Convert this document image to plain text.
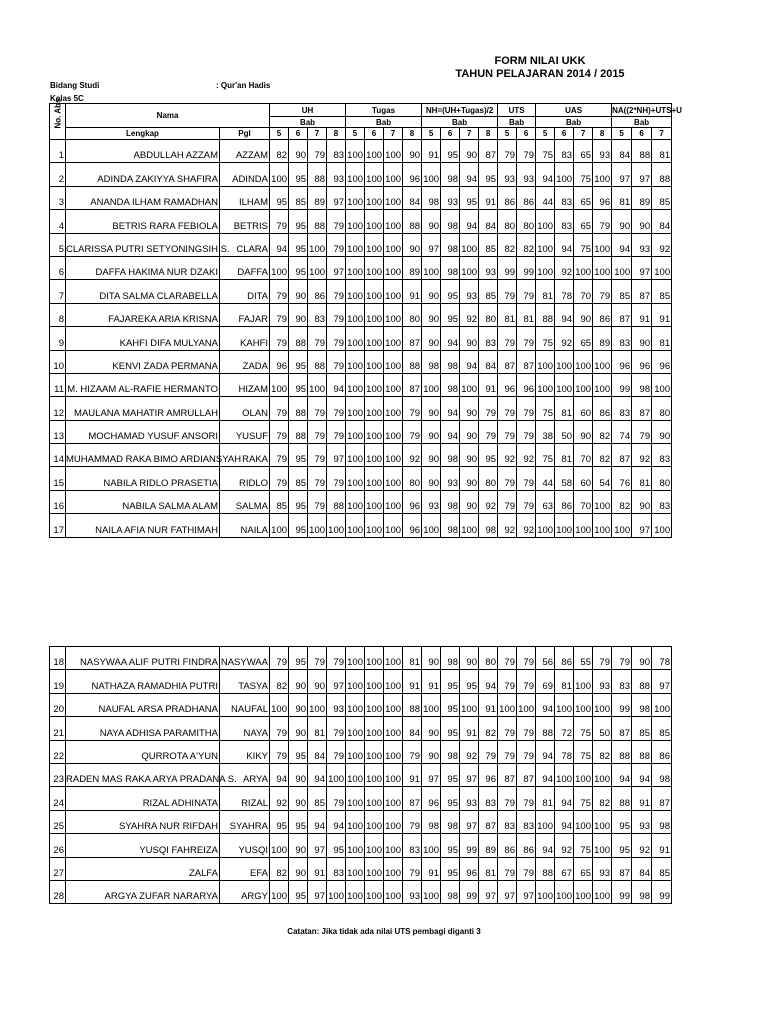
FORM NILAI UKK
TAHUN PELAJARAN 2014 / 2015
Bidang Studi	: Qur'an Hadis
Kelas 5C
No. Abs	Nama		UH				Tugas				NH=(UH+Tugas)/2				UTS		UAS				NA((2*NH)+UTS+U		
			Bab				Bab				Bab				Bab		Bab				Bab		
	Lengkap	Pgl	5	6	7	8	5	6	7	8	5	6	7	8	5	6	5	6	7	8	5	6	7
1	ABDULLAH AZZAM	AZZAM	82	90	79	83	100	100	100	90	91	95	90	87	79	79	75	83	65	93	84	88	81
2	ADINDA ZAKIYYA SHAFIRA	ADINDA	100	95	88	93	100	100	100	96	100	98	94	95	93	93	94	100	75	100	97	97	88
3	ANANDA ILHAM RAMADHAN	ILHAM	95	85	89	97	100	100	100	84	98	93	95	91	86	86	44	83	65	96	81	89	85
4	BETRIS RARA FEBIOLA	BETRIS	79	95	88	79	100	100	100	88	90	98	94	84	80	80	100	83	65	79	90	90	84
5	CLARISSA PUTRI SETYONINGSIH S.	CLARA	94	95	100	79	100	100	100	90	97	98	100	85	82	82	100	94	75	100	94	93	92
6	DAFFA HAKIMA NUR DZAKI	DAFFA	100	95	100	97	100	100	100	89	100	98	100	93	99	99	100	92	100	100	100	97	100
7	DITA SALMA CLARABELLA	DITA	79	90	86	79	100	100	100	91	90	95	93	85	79	79	81	78	70	79	85	87	85
8	FAJAREKA ARIA KRISNA	FAJAR	79	90	83	79	100	100	100	80	90	95	92	80	81	81	88	94	90	86	87	91	91
9	KAHFI DIFA MULYANA	KAHFI	79	88	79	79	100	100	100	87	90	94	90	83	79	79	75	92	65	89	83	90	81
10	KENVI ZADA PERMANA	ZADA	96	95	88	79	100	100	100	88	98	98	94	84	87	87	100	100	100	100	96	96	96
11	M. HIZAAM AL-RAFIE HERMANTO	HIZAM	100	95	100	94	100	100	100	87	100	98	100	91	96	96	100	100	100	100	99	98	100
12	MAULANA MAHATIR AMRULLAH	OLAN	79	88	79	79	100	100	100	79	90	94	90	79	79	79	75	81	60	86	83	87	80
13	MOCHAMAD YUSUF ANSORI	YUSUF	79	88	79	79	100	100	100	79	90	94	90	79	79	79	38	50	90	82	74	79	90
14	MUHAMMAD RAKA BIMO ARDIANSYAH	RAKA	79	95	79	97	100	100	100	92	90	98	90	95	92	92	75	81	70	82	87	92	83
15	NABILA RIDLO PRASETIA	RIDLO	79	85	79	79	100	100	100	80	90	93	90	80	79	79	44	58	60	54	76	81	80
16	NABILA SALMA ALAM	SALMA	85	95	79	88	100	100	100	96	93	98	90	92	79	79	63	86	70	100	82	90	83
17	NAILA AFIA NUR FATHIMAH	NAILA	100	95	100	100	100	100	100	96	100	98	100	98	92	92	100	100	100	100	100	97	100
18	NASYWAA ALIF PUTRI FINDRA	NASYWAA	79	95	79	79	100	100	100	81	90	98	90	80	79	79	56	86	55	79	79	90	78
19	NATHAZA RAMADHIA PUTRI	TASYA	82	90	90	97	100	100	100	91	91	95	95	94	79	79	69	81	100	93	83	88	97
20	NAUFAL ARSA PRADHANA	NAUFAL	100	90	100	93	100	100	100	88	100	95	100	91	100	100	94	100	100	100	99	98	100
21	NAYA ADHISA PARAMITHA	NAYA	79	90	81	79	100	100	100	84	90	95	91	82	79	79	88	72	75	50	87	85	85
22	QURROTA A'YUN	KIKY	79	95	84	79	100	100	100	79	90	98	92	79	79	79	94	78	75	82	88	88	86
23	RADEN MAS RAKA ARYA PRADANA S.	ARYA	94	90	94	100	100	100	100	91	97	95	97	96	87	87	94	100	100	100	94	94	98
24	RIZAL ADHINATA	RIZAL	92	90	85	79	100	100	100	87	96	95	93	83	79	79	81	94	75	82	88	91	87
25	SYAHRA NUR RIFDAH	SYAHRA	95	95	94	94	100	100	100	79	98	98	97	87	83	83	100	94	100	100	95	93	98
26	YUSQI FAHREIZA	YUSQI	100	90	97	95	100	100	100	83	100	95	99	89	86	86	94	92	75	100	95	92	91
27	ZALFA	EFA	82	90	91	83	100	100	100	79	91	95	96	81	79	79	88	67	65	93	87	84	85
28	ARGYA ZUFAR NARARYA	ARGY	100	95	97	100	100	100	100	93	100	98	99	97	97	97	100	100	100	100	99	98	99
Catatan: Jika tidak ada nilai UTS pembagi diganti 3
